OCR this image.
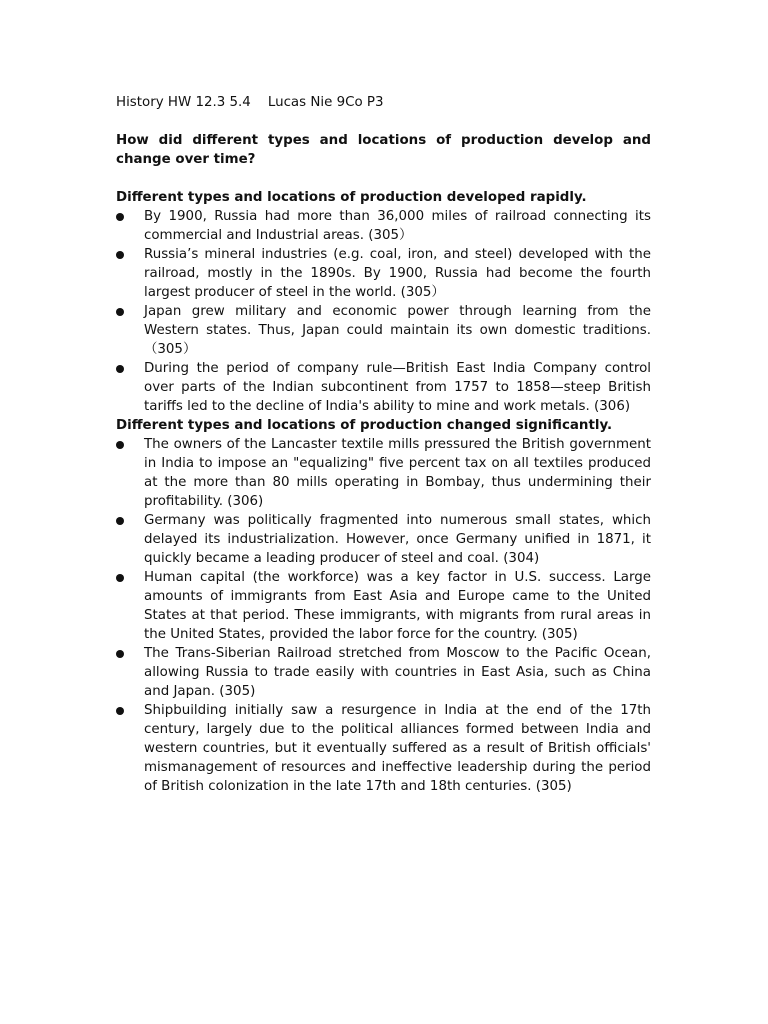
History HW 12.3 5.4    Lucas Nie 9Co P3
How did different types and locations of production develop and change over time?
Different types and locations of production developed rapidly.
By 1900, Russia had more than 36,000 miles of railroad connecting its commercial and Industrial areas. (305）
Russia’s mineral industries (e.g. coal, iron, and steel) developed with the railroad, mostly in the 1890s. By 1900, Russia had become the fourth largest producer of steel in the world. (305）
Japan grew military and economic power through learning from the Western states. Thus, Japan could maintain its own domestic traditions. （305）
During the period of company rule—British East India Company control over parts of the Indian subcontinent from 1757 to 1858—steep British tariffs led to the decline of India's ability to mine and work metals. (306)
Different types and locations of production changed significantly.
The owners of the Lancaster textile mills pressured the British government in India to impose an "equalizing" five percent tax on all textiles produced at the more than 80 mills operating in Bombay, thus undermining their profitability. (306)
Germany was politically fragmented into numerous small states, which delayed its industrialization. However, once Germany unified in 1871, it quickly became a leading producer of steel and coal. (304)
Human capital (the workforce) was a key factor in U.S. success. Large amounts of immigrants from East Asia and Europe came to the United States at that period. These immigrants, with migrants from rural areas in the United States, provided the labor force for the country. (305)
The Trans-Siberian Railroad stretched from Moscow to the Pacific Ocean, allowing Russia to trade easily with countries in East Asia, such as China and Japan. (305)
Shipbuilding initially saw a resurgence in India at the end of the 17th century, largely due to the political alliances formed between India and western countries, but it eventually suffered as a result of British officials' mismanagement of resources and ineffective leadership during the period of British colonization in the late 17th and 18th centuries. (305)
